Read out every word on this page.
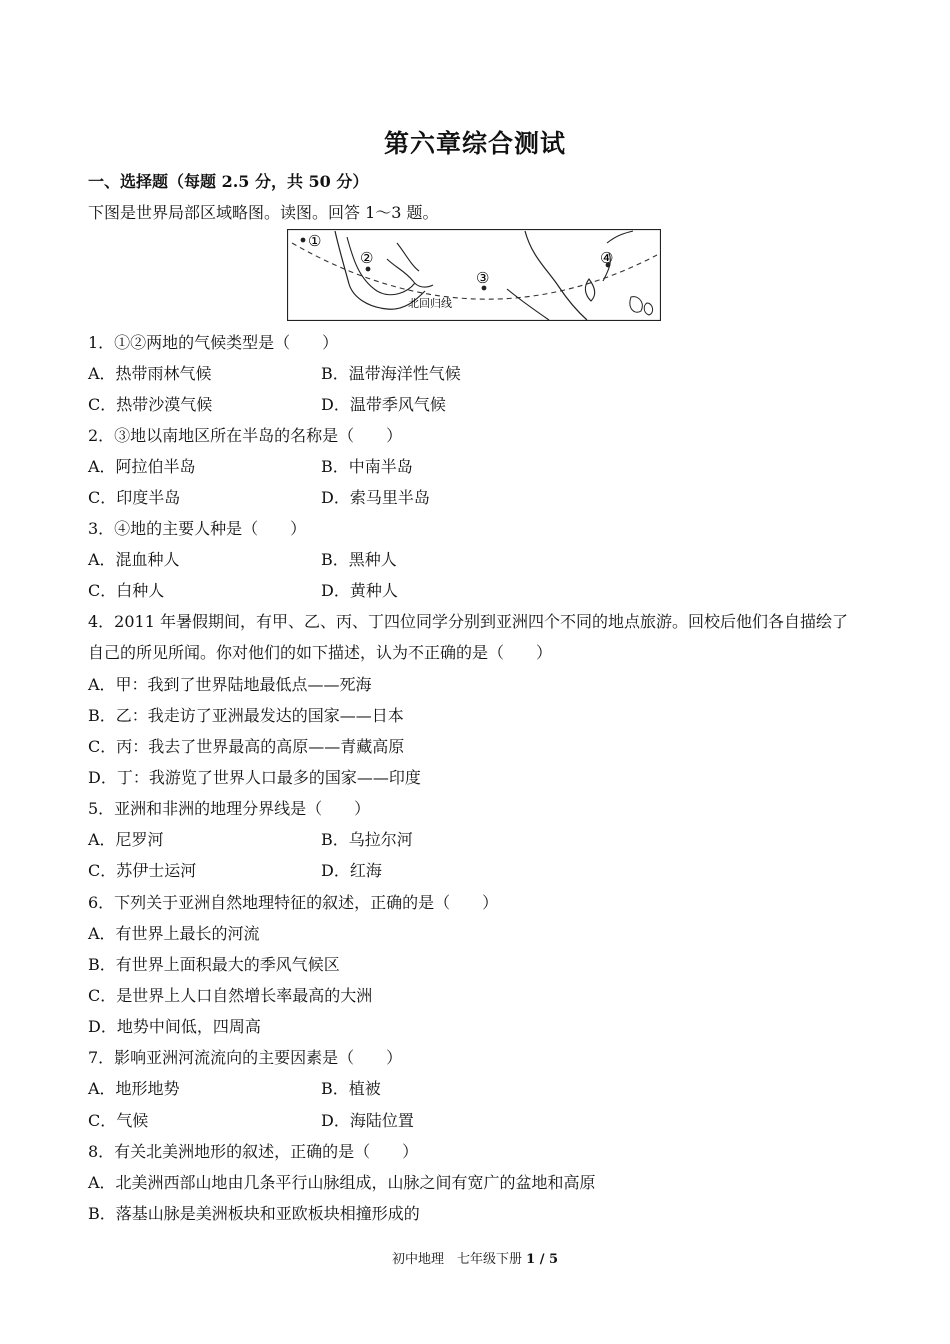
第六章综合测试
一、选择题（每题 2.5 分，共 50 分）
下图是世界局部区域略图。读图。回答 1～3 题。
①
②
③
④
北回归线
1．①②两地的气候类型是（　　）
A．热带雨林气候	B．温带海洋性气候
C．热带沙漠气候	D．温带季风气候
2．③地以南地区所在半岛的名称是（　　）
A．阿拉伯半岛	B．中南半岛
C．印度半岛	D．索马里半岛
3．④地的主要人种是（　　）
A．混血种人	B．黑种人
C．白种人	D．黄种人
4．2011 年暑假期间，有甲、乙、丙、丁四位同学分别到亚洲四个不同的地点旅游。回校后他们各自描绘了
自己的所见所闻。你对他们的如下描述，认为不正确的是（　　）
A．甲：我到了世界陆地最低点——死海
B．乙：我走访了亚洲最发达的国家——日本
C．丙：我去了世界最高的高原——青藏高原
D．丁：我游览了世界人口最多的国家——印度
5．亚洲和非洲的地理分界线是（　　）
A．尼罗河	B．乌拉尔河
C．苏伊士运河	D．红海
6．下列关于亚洲自然地理特征的叙述，正确的是（　　）
A．有世界上最长的河流
B．有世界上面积最大的季风气候区
C．是世界上人口自然增长率最高的大洲
D．地势中间低，四周高
7．影响亚洲河流流向的主要因素是（　　）
A．地形地势	B．植被
C．气候	D．海陆位置
8．有关北美洲地形的叙述，正确的是（　　）
A．北美洲西部山地由几条平行山脉组成，山脉之间有宽广的盆地和高原
B．落基山脉是美洲板块和亚欧板块相撞形成的
初中地理　七年级下册 1 / 5
